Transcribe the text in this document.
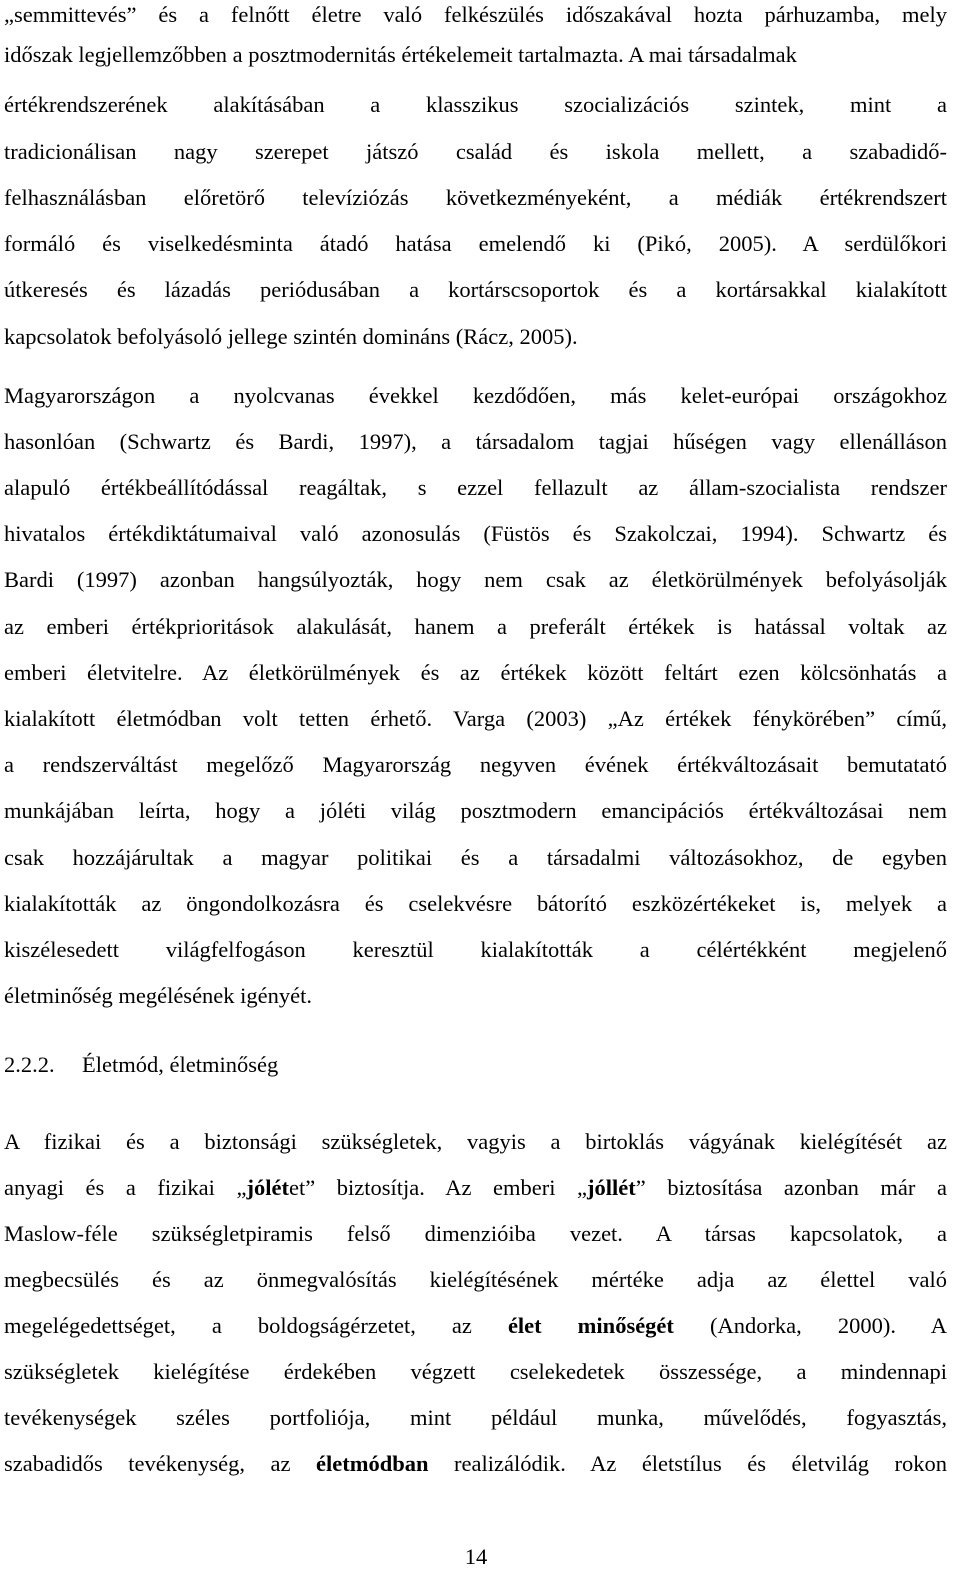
„semmittevés” és a felnőtt életre való felkészülés időszakával hozta párhuzamba, mely
időszak legjellemzőbben a posztmodernitás értékelemeit tartalmazta. A mai társadalmak
értékrendszerének alakításában a klasszikus szocializációs szintek, mint a
tradicionálisan nagy szerepet játszó család és iskola mellett, a szabadidő-
felhasználásban előretörő televíziózás következményeként, a médiák értékrendszert
formáló és viselkedésminta átadó hatása emelendő ki (Pikó, 2005). A serdülőkori
útkeresés és lázadás periódusában a kortárscsoportok és a kortársakkal kialakított
kapcsolatok befolyásoló jellege szintén domináns (Rácz, 2005).
Magyarországon a nyolcvanas évekkel kezdődően, más kelet-európai országokhoz
hasonlóan (Schwartz és Bardi, 1997), a társadalom tagjai hűségen vagy ellenálláson
alapuló értékbeállítódással reagáltak, s ezzel fellazult az állam-szocialista rendszer
hivatalos értékdiktátumaival való azonosulás (Füstös és Szakolczai, 1994). Schwartz és
Bardi (1997) azonban hangsúlyozták, hogy nem csak az életkörülmények befolyásolják
az emberi értékprioritások alakulását, hanem a preferált értékek is hatással voltak az
emberi életvitelre. Az életkörülmények és az értékek között feltárt ezen kölcsönhatás a
kialakított életmódban volt tetten érhető. Varga (2003) „Az értékek fénykörében” című,
a rendszerváltást megelőző Magyarország negyven évének értékváltozásait bemutatató
munkájában leírta, hogy a jóléti világ posztmodern emancipációs értékváltozásai nem
csak hozzájárultak a magyar politikai és a társadalmi változásokhoz, de egyben
kialakították az öngondolkozásra és cselekvésre bátorító eszközértékeket is, melyek a
kiszélesedett világfelfogáson keresztül kialakították a célértékként megjelenő
életminőség megélésének igényét.
2.2.2. Életmód, életminőség
A fizikai és a biztonsági szükségletek, vagyis a birtoklás vágyának kielégítését az
anyagi és a fizikai „jólétet” biztosítja. Az emberi „jóllét” biztosítása azonban már a
Maslow-féle szükségletpiramis felső dimenzióiba vezet. A társas kapcsolatok, a
megbecsülés és az önmegvalósítás kielégítésének mértéke adja az élettel való
megelégedettséget, a boldogságérzetet, az élet minőségét (Andorka, 2000). A
szükségletek kielégítése érdekében végzett cselekedetek összessége, a mindennapi
tevékenységek széles portfoliója, mint például munka, művelődés, fogyasztás,
szabadidős tevékenység, az életmódban realizálódik. Az életstílus és életvilág rokon
14
